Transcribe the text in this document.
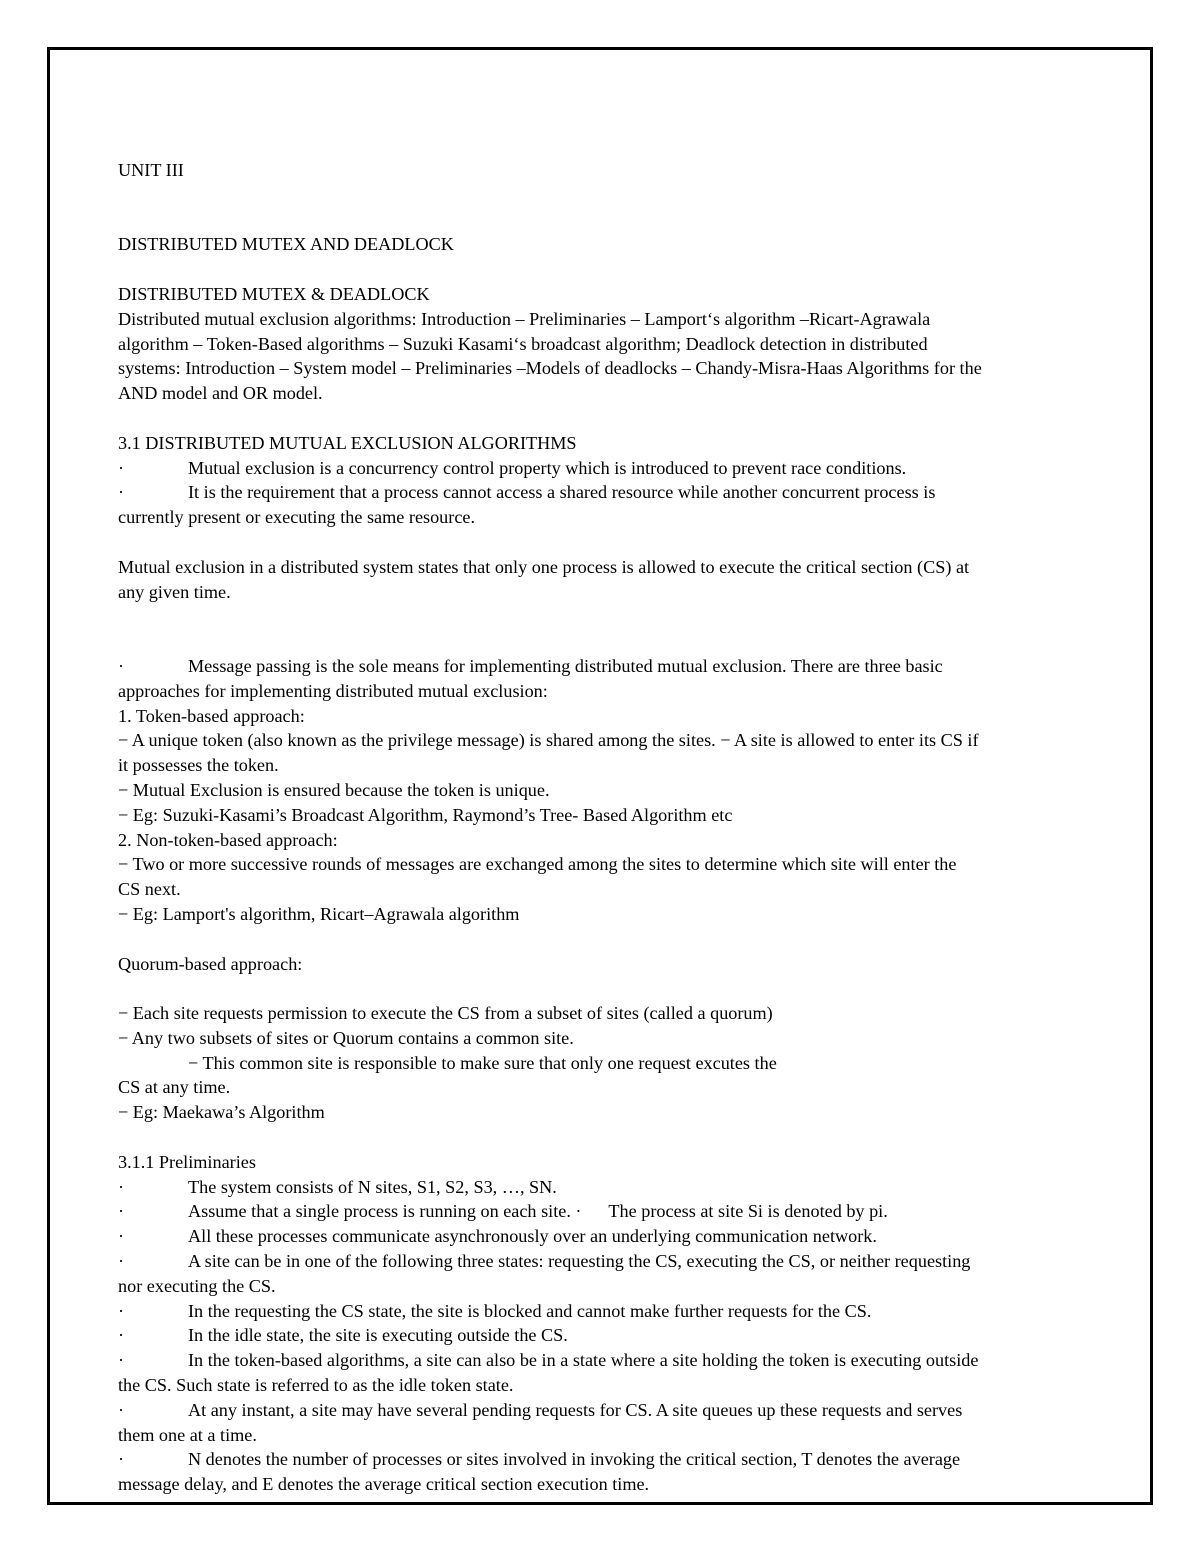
UNIT III
DISTRIBUTED MUTEX AND DEADLOCK
DISTRIBUTED MUTEX & DEADLOCK
Distributed mutual exclusion algorithms: Introduction – Preliminaries – Lamport‘s algorithm –Ricart-Agrawala
algorithm – Token-Based algorithms – Suzuki Kasami‘s broadcast algorithm; Deadlock detection in distributed
systems: Introduction – System model – Preliminaries –Models of deadlocks – Chandy-Misra-Haas Algorithms for the
AND model and OR model.
3.1 DISTRIBUTED MUTUAL EXCLUSION ALGORITHMS
·	Mutual exclusion is a concurrency control property which is introduced to prevent race conditions.
·	It is the requirement that a process cannot access a shared resource while another concurrent process is
currently present or executing the same resource.
Mutual exclusion in a distributed system states that only one process is allowed to execute the critical section (CS) at
any given time.
·	Message passing is the sole means for implementing distributed mutual exclusion. There are three basic
approaches for implementing distributed mutual exclusion:
1. Token-based approach:
− A unique token (also known as the privilege message) is shared among the sites. − A site is allowed to enter its CS if
it possesses the token.
− Mutual Exclusion is ensured because the token is unique.
− Eg: Suzuki-Kasami’s Broadcast Algorithm, Raymond’s Tree- Based Algorithm etc
2. Non-token-based approach:
− Two or more successive rounds of messages are exchanged among the sites to determine which site will enter the
CS next.
− Eg: Lamport's algorithm, Ricart–Agrawala algorithm
Quorum-based approach:
− Each site requests permission to execute the CS from a subset of sites (called a quorum)
− Any two subsets of sites or Quorum contains a common site.
− This common site is responsible to make sure that only one request excutes the
CS at any time.
− Eg: Maekawa’s Algorithm
3.1.1 Preliminaries
·	The system consists of N sites, S1, S2, S3, …, SN.
·	Assume that a single process is running on each site. ·      The process at site Si is denoted by pi.
·	All these processes communicate asynchronously over an underlying communication network.
·	A site can be in one of the following three states: requesting the CS, executing the CS, or neither requesting
nor executing the CS.
·	In the requesting the CS state, the site is blocked and cannot make further requests for the CS.
·	In the idle state, the site is executing outside the CS.
·	In the token-based algorithms, a site can also be in a state where a site holding the token is executing outside
the CS. Such state is referred to as the idle token state.
·	At any instant, a site may have several pending requests for CS. A site queues up these requests and serves
them one at a time.
·	N denotes the number of processes or sites involved in invoking the critical section, T denotes the average
message delay, and E denotes the average critical section execution time.
